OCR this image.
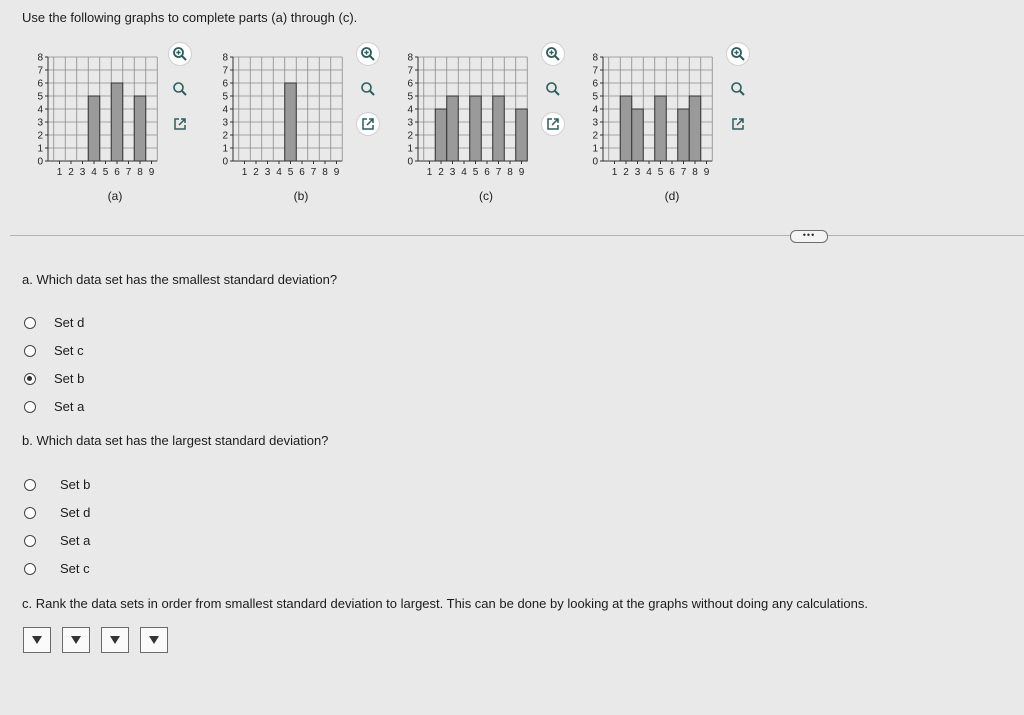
Use the following graphs to complete parts (a) through (c).
0
1
2
3
4
5
6
7
8
1 2 3 4 5 6 7 8 9
0
1
2
3
4
5
6
7
8
1 2 3 4 5 6 7 8 9
0
1
2
3
4
5
6
7
8
1 2 3 4 5 6 7 8 9
0
1
2
3
4
5
6
7
8
1 2 3 4 5 6 7 8 9
(a)	(b)	(c)	(d)
•••
a. Which data set has the smallest standard deviation?
Set d
Set c
Set b
Set a
b. Which data set has the largest standard deviation?
Set b
Set d
Set a
Set c
c. Rank the data sets in order from smallest standard deviation to largest. This can be done by looking at the graphs without doing any calculations.
